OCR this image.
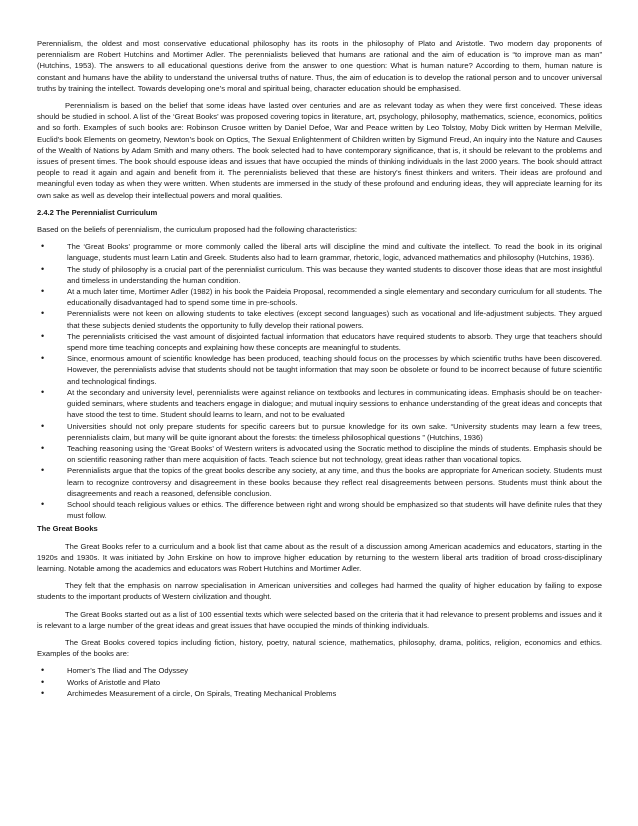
Perennialism, the oldest and most conservative educational philosophy has its roots in the philosophy of Plato and Aristotle. Two modern day proponents of perennialism are Robert Hutchins and Mortimer Adler. The perennialists believed that humans are rational and the aim of education is “to improve man as man” (Hutchins, 1953). The answers to all educational questions derive from the answer to one question: What is human nature? According to them, human nature is constant and humans have the ability to understand the universal truths of nature. Thus, the aim of education is to develop the rational person and to uncover universal truths by training the intellect. Towards developing one’s moral and spiritual being, character education should be emphasised.

Perennialism is based on the belief that some ideas have lasted over centuries and are as relevant today as when they were first conceived. These ideas should be studied in school. A list of the ‘Great Books’ was proposed covering topics in literature, art, psychology, philosophy, mathematics, science, economics, politics and so forth. Examples of such books are: Robinson Crusoe written by Daniel Defoe, War and Peace written by Leo Tolstoy, Moby Dick written by Herman Melville, Euclid’s book Elements on geometry, Newton’s book on Optics, The Sexual Enlightenment of Children written by Sigmund Freud, An inquiry into the Nature and Causes of the Wealth of Nations by Adam Smith and many others. The book selected had to have contemporary significance, that is, it should be relevant to the problems and issues of present times. The book should espouse ideas and issues that have occupied the minds of thinking individuals in the last 2000 years. The book should attract people to read it again and again and benefit from it. The perennialists believed that these are history's finest thinkers and writers. Their ideas are profound and meaningful even today as when they were written. When students are immersed in the study of these profound and enduring ideas, they will appreciate learning for its own sake as well as develop their intellectual powers and moral qualities.

2.4.2 The Perennialist Curriculum

Based on the beliefs of perennialism, the curriculum proposed had the following characteristics:

• The ‘Great Books’ programme or more commonly called the liberal arts will discipline the mind and cultivate the intellect. To read the book in its original language, students must learn Latin and Greek. Students also had to learn grammar, rhetoric, logic, advanced mathematics and philosophy (Hutchins, 1936).
• The study of philosophy is a crucial part of the perennialist curriculum. This was because they wanted students to discover those ideas that are most insightful and timeless in understanding the human condition.
• At a much later time, Mortimer Adler (1982) in his book the Paideia Proposal, recommended a single elementary and secondary curriculum for all students. The educationally disadvantaged had to spend some time in pre-schools.
• Perennialists were not keen on allowing students to take electives (except second languages) such as vocational and life-adjustment subjects. They argued that these subjects denied students the opportunity to fully develop their rational powers.
• The perennialists criticised the vast amount of disjointed factual information that educators have required students to absorb. They urge that teachers should spend more time teaching concepts and explaining how these concepts are meaningful to students.
• Since, enormous amount of scientific knowledge has been produced, teaching should focus on the processes by which scientific truths have been discovered. However, the perennialists advise that students should not be taught information that may soon be obsolete or found to be incorrect because of future scientific and technological findings.
• At the secondary and university level, perennialists were against reliance on textbooks and lectures in communicating ideas. Emphasis should be on teacher-guided seminars, where students and teachers engage in dialogue; and mutual inquiry sessions to enhance understanding of the great ideas and concepts that have stood the test to time. Student should learns to learn, and not to be evaluated
• Universities should not only prepare students for specific careers but to pursue knowledge for its own sake. “University students may learn a few trees, perennialists claim, but many will be quite ignorant about the forests: the timeless philosophical questions ” (Hutchins, 1936)
• Teaching reasoning using the ‘Great Books’ of Western writers is advocated using the Socratic method to discipline the minds of students. Emphasis should be on scientific reasoning rather than mere acquisition of facts. Teach science but not technology, great ideas rather than vocational topics.
• Perennialists argue that the topics of the great books describe any society, at any time, and thus the books are appropriate for American society. Students must learn to recognize controversy and disagreement in these books because they reflect real disagreements between persons. Students must think about the disagreements and reach a reasoned, defensible conclusion.
• School should teach religious values or ethics. The difference between right and wrong should be emphasized so that students will have definite rules that they must follow.
The Great Books

The Great Books refer to a curriculum and a book list that came about as the result of a discussion among American academics and educators, starting in the 1920s and 1930s. It was initiated by John Erskine on how to improve higher education by returning to the western liberal arts tradition of broad cross-disciplinary learning. Notable among the academics and educators was Robert Hutchins and Mortimer Adler.

They felt that the emphasis on narrow specialisation in American universities and colleges had harmed the quality of higher education by failing to expose students to the important products of Western civilization and thought.

The Great Books started out as a list of 100 essential texts which were selected based on the criteria that it had relevance to present problems and issues and it is relevant to a large number of the great ideas and great issues that have occupied the minds of thinking individuals.

The Great Books covered topics including fiction, history, poetry, natural science, mathematics, philosophy, drama, politics, religion, economics and ethics. Examples of the books are:

• Homer’s The Iliad and The Odyssey
• Works of Aristotle and Plato
• Archimedes Measurement of a circle, On Spirals, Treating Mechanical Problems
